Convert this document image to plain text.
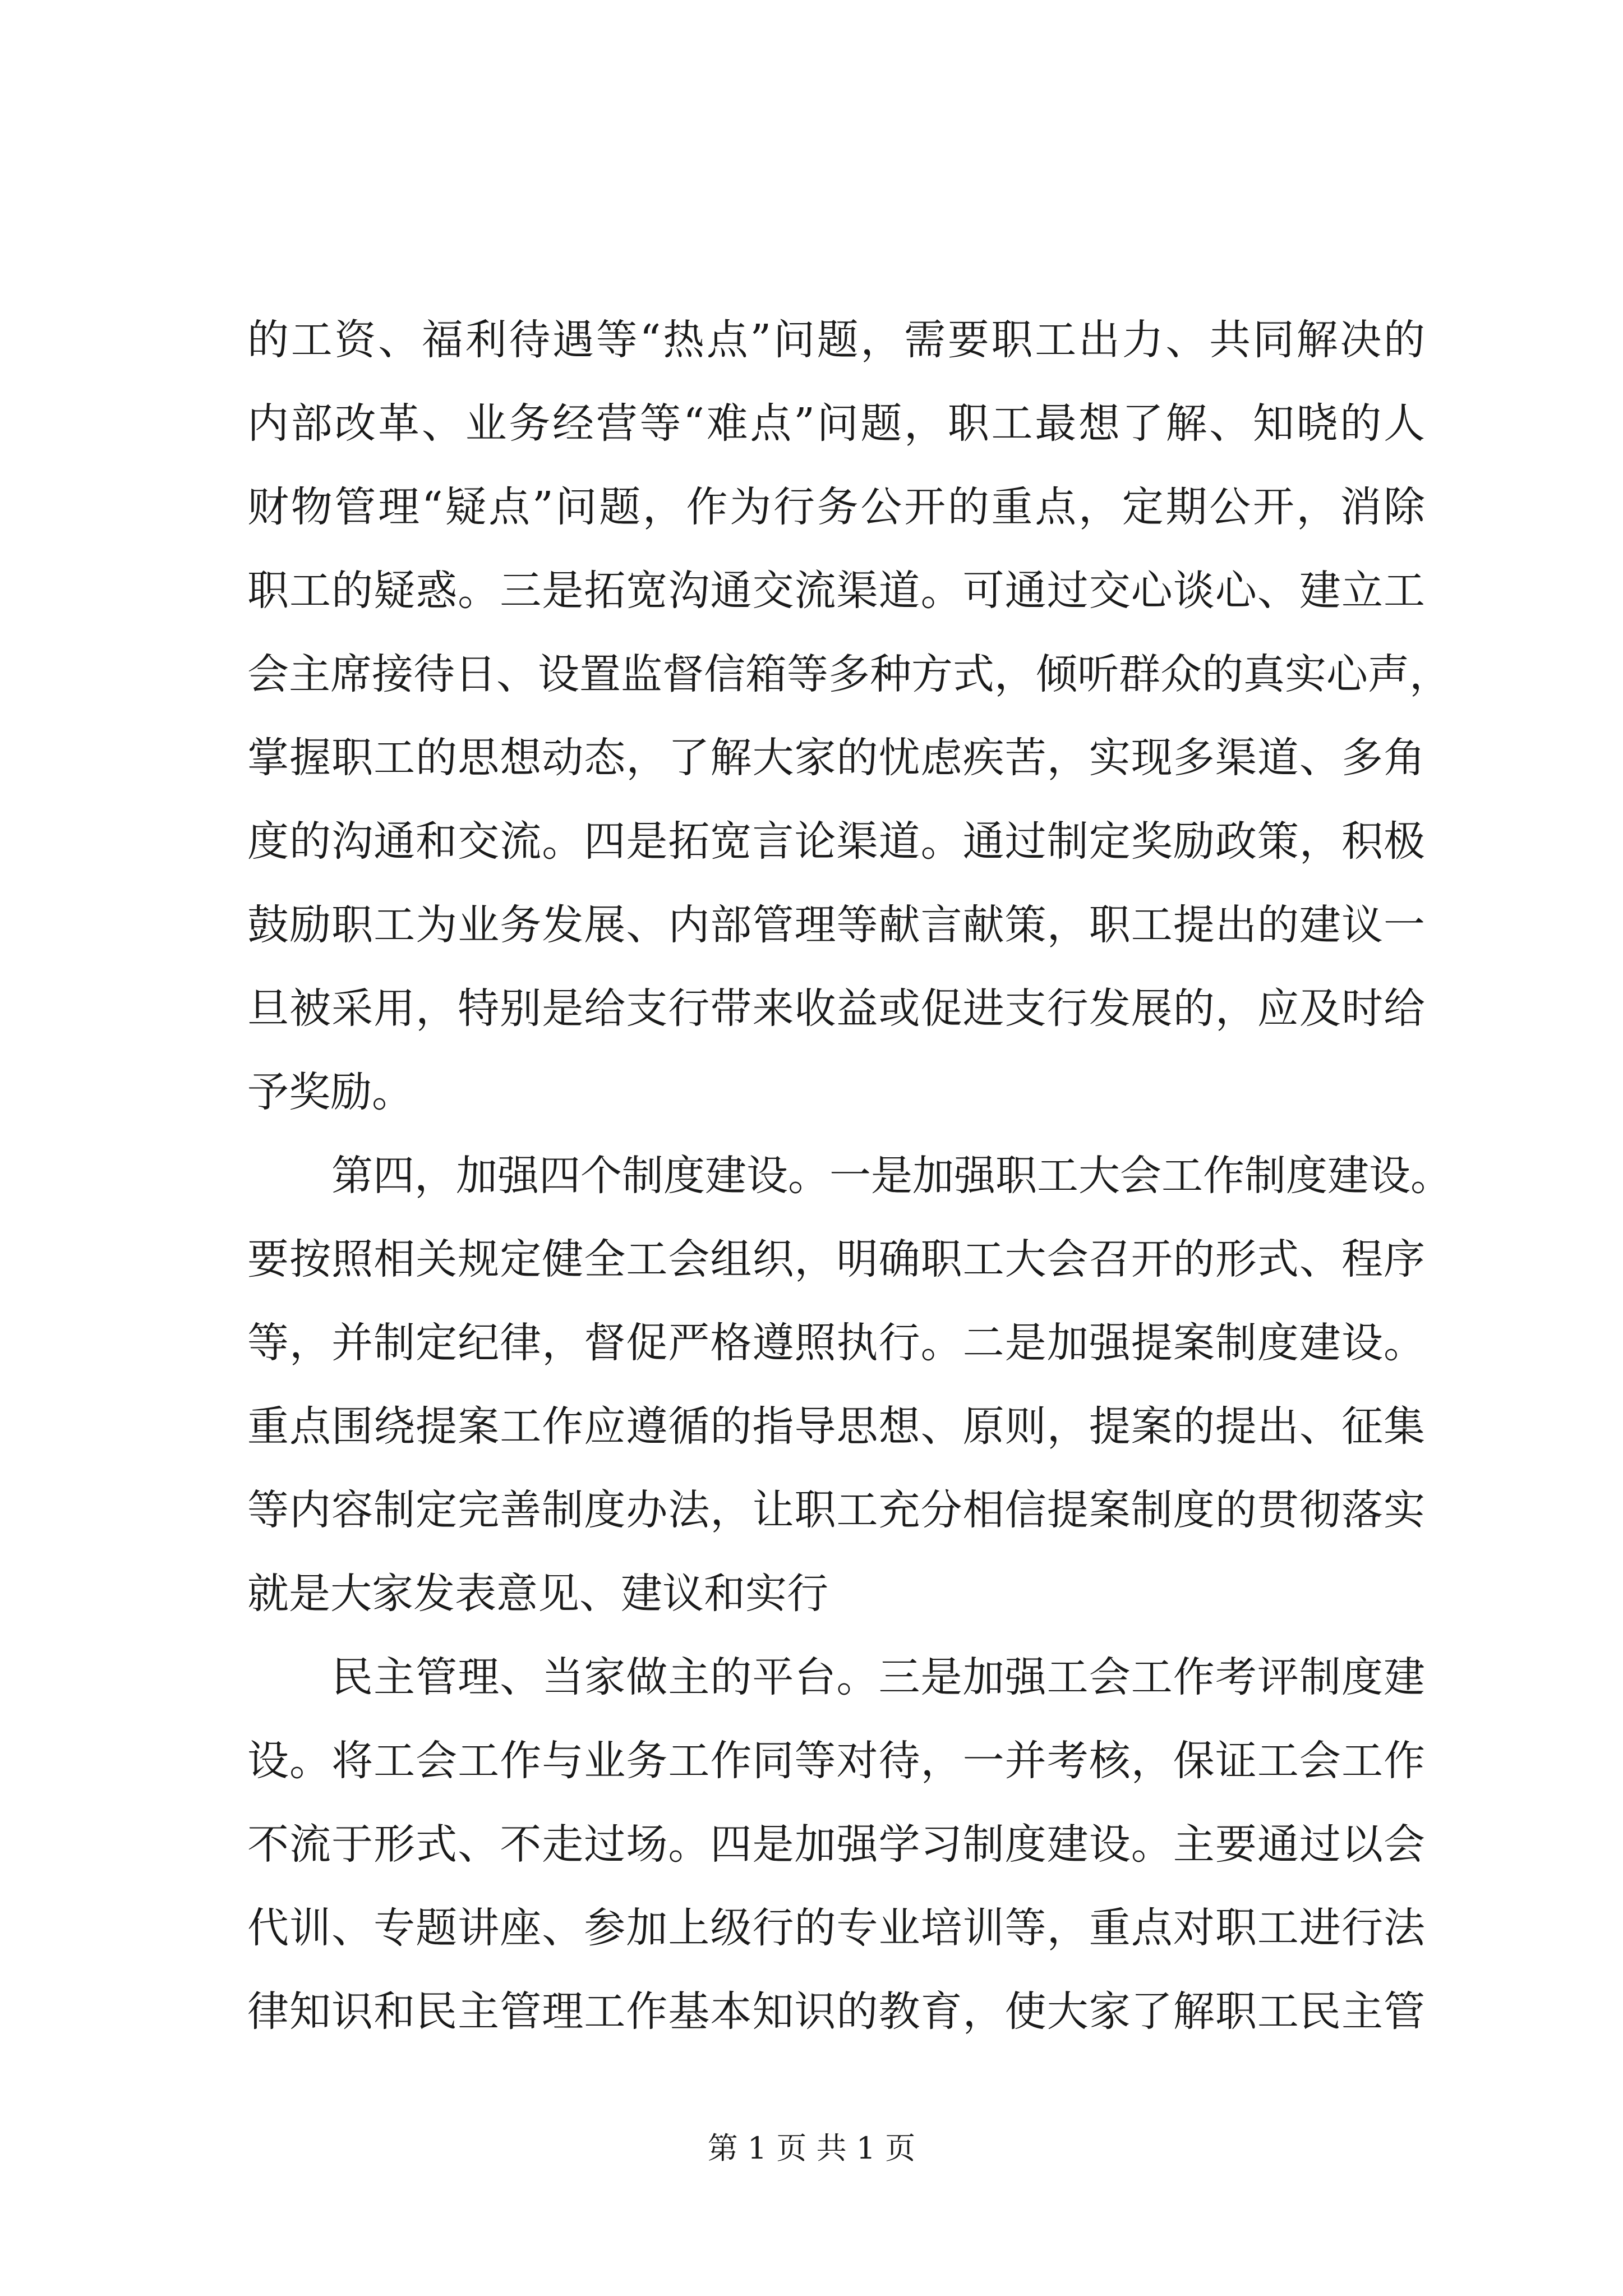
的工资、福利待遇等“热点”问题，需要职工出力、共同解决的
内部改革、业务经营等“难点”问题，职工最想了解、知晓的人
财物管理“疑点”问题，作为行务公开的重点，定期公开，消除
职工的疑惑。三是拓宽沟通交流渠道。可通过交心谈心、建立工
会主席接待日、设置监督信箱等多种方式，倾听群众的真实心声，
掌握职工的思想动态，了解大家的忧虑疾苦，实现多渠道、多角
度的沟通和交流。四是拓宽言论渠道。通过制定奖励政策，积极
鼓励职工为业务发展、内部管理等献言献策，职工提出的建议一
旦被采用，特别是给支行带来收益或促进支行发展的，应及时给
予奖励。
第四，加强四个制度建设。一是加强职工大会工作制度建设。
要按照相关规定健全工会组织，明确职工大会召开的形式、程序
等，并制定纪律，督促严格遵照执行。二是加强提案制度建设。
重点围绕提案工作应遵循的指导思想、原则，提案的提出、征集
等内容制定完善制度办法，让职工充分相信提案制度的贯彻落实
就是大家发表意见、建议和实行
民主管理、当家做主的平台。三是加强工会工作考评制度建
设。将工会工作与业务工作同等对待，一并考核，保证工会工作
不流于形式、不走过场。四是加强学习制度建设。主要通过以会
代训、专题讲座、参加上级行的专业培训等，重点对职工进行法
律知识和民主管理工作基本知识的教育，使大家了解职工民主管
第 1 页 共 1 页
